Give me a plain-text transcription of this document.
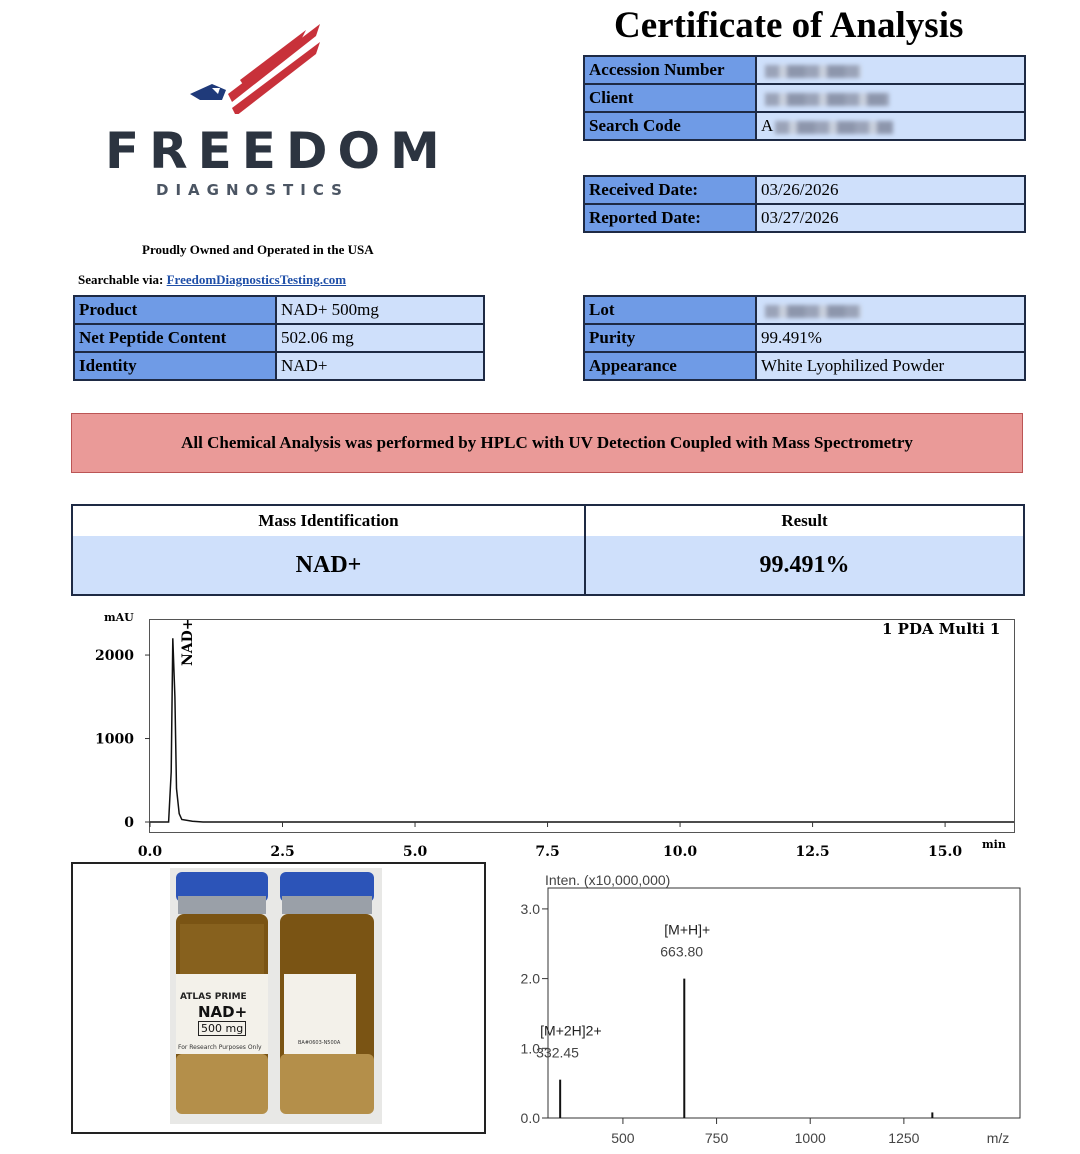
FREEDOM
DIAGNOSTICS
Proudly Owned and Operated in the USA
Searchable via: FreedomDiagnosticsTesting.com
Certificate of Analysis
Accession Number	
Client	
Search Code	A
Received Date:	03/26/2026
Reported Date:	03/27/2026
Product	NAD+ 500mg
Net Peptide Content	502.06 mg
Identity	NAD+
Lot	
Purity	99.491%
Appearance	White Lyophilized Powder
All Chemical Analysis was performed by HPLC with UV Detection Coupled with Mass Spectrometry
Mass Identification	Result
NAD+	99.491%
mAU
1 PDA Multi 1
min
0.0	2.5	5.0	7.5	10.0	12.5	15.0
0
1000
2000	NAD+
ATLAS PRIME
NAD+
500 mg
For Research Purposes Only
BA#0603-N500A
Inten. (x10,000,000)
0.0
1.0
2.0
3.0
500	750	1000	1250	m/z
[M+2H]2+
332.45
[M+H]+
663.80
